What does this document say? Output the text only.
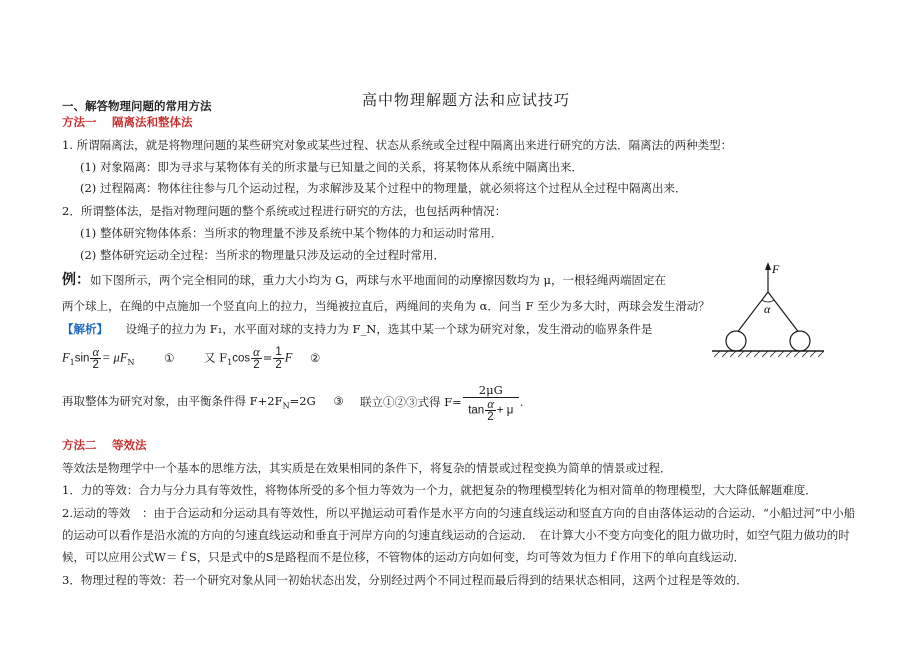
高中物理解题方法和应试技巧
一、解答物理问题的常用方法
方法一　 隔离法和整体法
1. 所谓隔离法，就是将物理问题的某些研究对象或某些过程、状态从系统或全过程中隔离出来进行研究的方法．隔离法的两种类型：
(1) 对象隔离：即为寻求与某物体有关的所求量与已知量之间的关系，将某物体从系统中隔离出来．
(2) 过程隔离：物体往往参与几个运动过程，为求解涉及某个过程中的物理量，就必须将这个过程从全过程中隔离出来．
2．所谓整体法，是指对物理问题的整个系统或过程进行研究的方法，也包括两种情况：
(1) 整体研究物体体系：当所求的物理量不涉及系统中某个物体的力和运动时常用．
(2) 整体研究运动全过程：当所求的物理量只涉及运动的全过程时常用．
例：如下图所示，两个完全相同的球，重力大小均为 G，两球与水平地面间的动摩擦因数均为 μ，一根轻绳两端固定在
两个球上，在绳的中点施加一个竖直向上的拉力，当绳被拉直后，两绳间的夹角为 α．问当 F 至少为多大时，两球会发生滑动？
【解析】 设绳子的拉力为 F₁，水平面对球的支持力为 F_N，选其中某一个球为研究对象，发生滑动的临界条件是
$F_1\sin \frac{\alpha}{2} = \mu F_N$	①	又 $F_1\cos \frac{\alpha}{2} = \frac{1}{2}$ F ②
再取整体为研究对象，由平衡条件得 $F+2F_N=2G$ ③ 联立①②③式得 $F= \frac{2\mu G}{\tan \frac{\alpha}{2} + \mu}$ .
F
α
方法二　 等效法
等效法是物理学中一个基本的思维方法，其实质是在效果相同的条件下，将复杂的情景或过程变换为简单的情景或过程．
1．力的等效：合力与分力具有等效性，将物体所受的多个恒力等效为一个力，就把复杂的物理模型转化为相对简单的物理模型，大大降低解题难度．
2.运动的等效　：由于合运动和分运动具有等效性，所以平抛运动可看作是水平方向的匀速直线运动和竖直方向的自由落体运动的合运动．“小船过河”中小船
的运动可以看作是沿水流的方向的匀速直线运动和垂直于河岸方向的匀速直线运动的合运动．　在计算大小不变方向变化的阻力做功时，如空气阻力做功的时
候，可以应用公式W＝ｆS，只是式中的S是路程而不是位移，不管物体的运动方向如何变，均可等效为恒力ｆ作用下的单向直线运动．
3．物理过程的等效：若一个研究对象从同一初始状态出发，分别经过两个不同过程而最后得到的结果状态相同，这两个过程是等效的．
